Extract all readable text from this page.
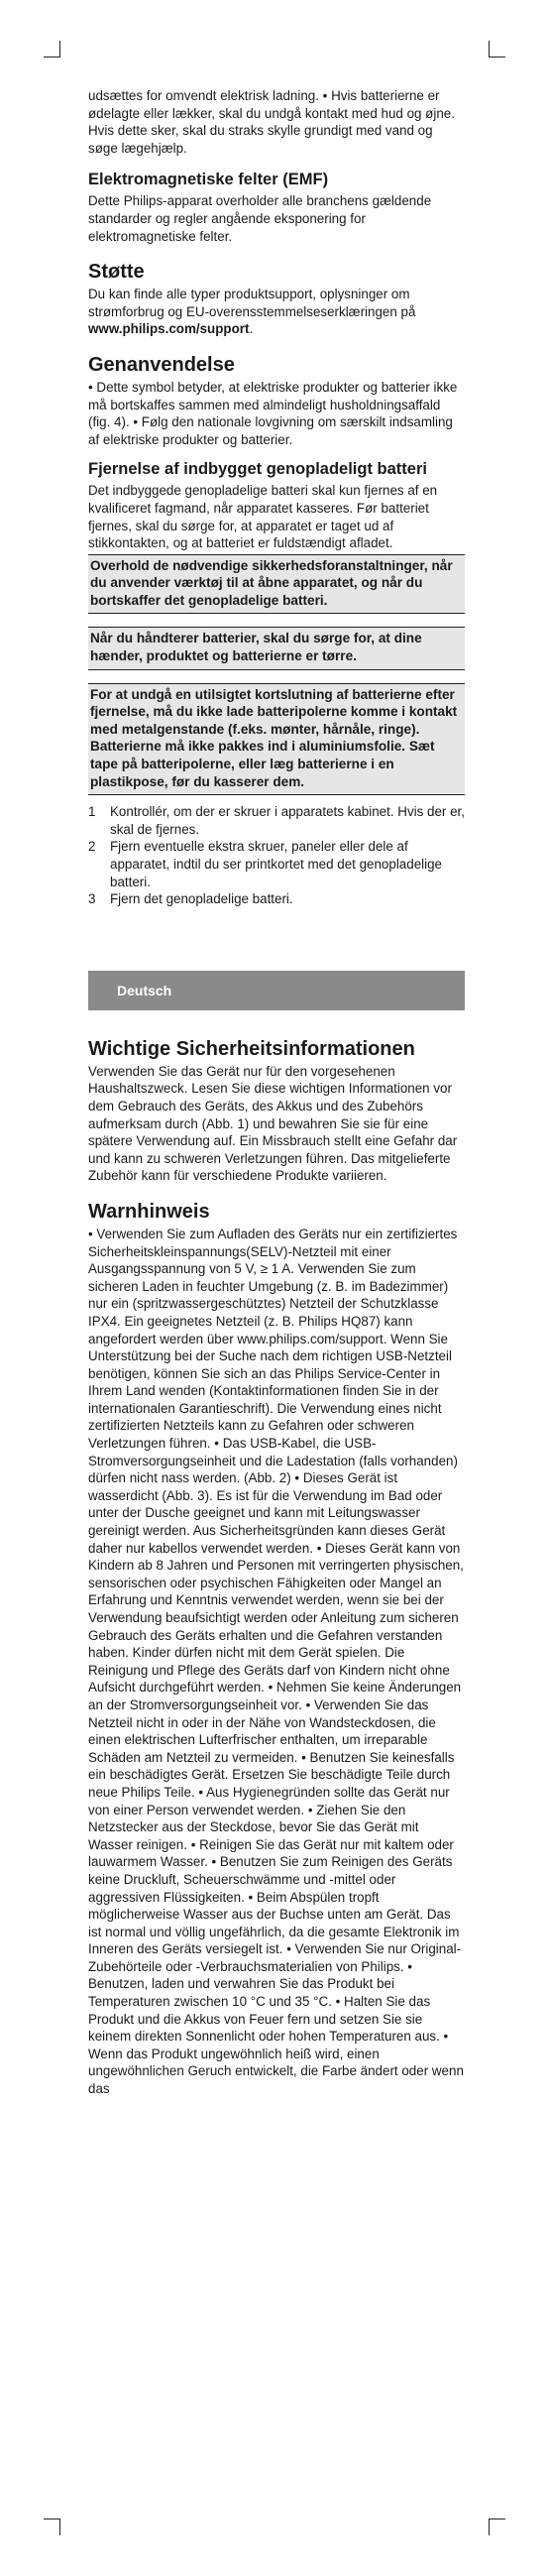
udsættes for omvendt elektrisk ladning. • Hvis batterierne er ødelagte eller lækker, skal du undgå kontakt med hud og øjne. Hvis dette sker, skal du straks skylle grundigt med vand og søge lægehjælp.

Elektromagnetiske felter (EMF)

Dette Philips-apparat overholder alle branchens gældende standarder og regler angående eksponering for elektromagnetiske felter.

Støtte

Du kan finde alle typer produktsupport, oplysninger om strømforbrug og EU-overensstemmelseserklæringen på www.philips.com/support.

Genanvendelse

• Dette symbol betyder, at elektriske produkter og batterier ikke må bortskaffes sammen med almindeligt husholdningsaffald (fig. 4). • Følg den nationale lovgivning om særskilt indsamling af elektriske produkter og batterier.

Fjernelse af indbygget genopladeligt batteri

Det indbyggede genopladelige batteri skal kun fjernes af en kvalificeret fagmand, når apparatet kasseres. Før batteriet fjernes, skal du sørge for, at apparatet er taget ud af stikkontakten, og at batteriet er fuldstændigt afladet.

Overhold de nødvendige sikkerhedsforanstaltninger, når du anvender værktøj til at åbne apparatet, og når du bortskaffer det genopladelige batteri.
Når du håndterer batterier, skal du sørge for, at dine hænder, produktet og batterierne er tørre.
For at undgå en utilsigtet kortslutning af batterierne efter fjernelse, må du ikke lade batteripolerne komme i kontakt med metalgenstande (f.eks. mønter, hårnåle, ringe). Batterierne må ikke pakkes ind i aluminiumsfolie. Sæt tape på batteripolerne, eller læg batterierne i en plastikpose, før du kasserer dem.
1	Kontrollér, om der er skruer i apparatets kabinet. Hvis der er, skal de fjernes.
2	Fjern eventuelle ekstra skruer, paneler eller dele af apparatet, indtil du ser printkortet med det genopladelige batteri.
3	Fjern det genopladelige batteri.
Deutsch
Wichtige Sicherheitsinformationen

Verwenden Sie das Gerät nur für den vorgesehenen Haushaltszweck. Lesen Sie diese wichtigen Informationen vor dem Gebrauch des Geräts, des Akkus und des Zubehörs aufmerksam durch (Abb. 1) und bewahren Sie sie für eine spätere Verwendung auf. Ein Missbrauch stellt eine Gefahr dar und kann zu schweren Verletzungen führen. Das mitgelieferte Zubehör kann für verschiedene Produkte variieren.

Warnhinweis

• Verwenden Sie zum Aufladen des Geräts nur ein zertifiziertes Sicherheitskleinspannungs(SELV)-Netzteil mit einer Ausgangsspannung von 5 V, ≥ 1 A. Verwenden Sie zum sicheren Laden in feuchter Umgebung (z. B. im Badezimmer) nur ein (spritzwassergeschütztes) Netzteil der Schutzklasse IPX4. Ein geeignetes Netzteil (z. B. Philips HQ87) kann angefordert werden über www.philips.com/support. Wenn Sie Unterstützung bei der Suche nach dem richtigen USB-Netzteil benötigen, können Sie sich an das Philips Service-Center in Ihrem Land wenden (Kontaktinformationen finden Sie in der internationalen Garantieschrift). Die Verwendung eines nicht zertifizierten Netzteils kann zu Gefahren oder schweren Verletzungen führen. • Das USB-Kabel, die USB-Stromversorgungseinheit und die Ladestation (falls vorhanden) dürfen nicht nass werden. (Abb. 2) • Dieses Gerät ist wasserdicht (Abb. 3). Es ist für die Verwendung im Bad oder unter der Dusche geeignet und kann mit Leitungswasser gereinigt werden. Aus Sicherheitsgründen kann dieses Gerät daher nur kabellos verwendet werden. • Dieses Gerät kann von Kindern ab 8 Jahren und Personen mit verringerten physischen, sensorischen oder psychischen Fähigkeiten oder Mangel an Erfahrung und Kenntnis verwendet werden, wenn sie bei der Verwendung beaufsichtigt werden oder Anleitung zum sicheren Gebrauch des Geräts erhalten und die Gefahren verstanden haben. Kinder dürfen nicht mit dem Gerät spielen. Die Reinigung und Pflege des Geräts darf von Kindern nicht ohne Aufsicht durchgeführt werden. • Nehmen Sie keine Änderungen an der Stromversorgungseinheit vor. • Verwenden Sie das Netzteil nicht in oder in der Nähe von Wandsteckdosen, die einen elektrischen Lufterfrischer enthalten, um irreparable Schäden am Netzteil zu vermeiden. • Benutzen Sie keinesfalls ein beschädigtes Gerät. Ersetzen Sie beschädigte Teile durch neue Philips Teile. • Aus Hygienegründen sollte das Gerät nur von einer Person verwendet werden. • Ziehen Sie den Netzstecker aus der Steckdose, bevor Sie das Gerät mit Wasser reinigen. • Reinigen Sie das Gerät nur mit kaltem oder lauwarmem Wasser. • Benutzen Sie zum Reinigen des Geräts keine Druckluft, Scheuerschwämme und -mittel oder aggressiven Flüssigkeiten. • Beim Abspülen tropft möglicherweise Wasser aus der Buchse unten am Gerät. Das ist normal und völlig ungefährlich, da die gesamte Elektronik im Inneren des Geräts versiegelt ist. • Verwenden Sie nur Original-Zubehörteile oder -Verbrauchsmaterialien von Philips. • Benutzen, laden und verwahren Sie das Produkt bei Temperaturen zwischen 10 °C und 35 °C. • Halten Sie das Produkt und die Akkus von Feuer fern und setzen Sie sie keinem direkten Sonnenlicht oder hohen Temperaturen aus. • Wenn das Produkt ungewöhnlich heiß wird, einen ungewöhnlichen Geruch entwickelt, die Farbe ändert oder wenn das
